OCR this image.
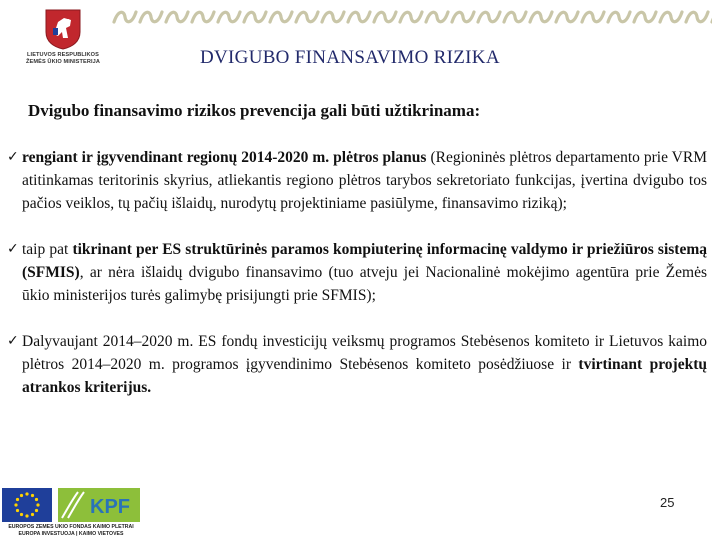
LIETUVOS RESPUBLIKOS
ŽEMĖS ŪKIO MINISTERIJA	DVIGUBO FINANSAVIMO RIZIKA
Dvigubo finansavimo rizikos prevencija gali būti užtikrinama:

✓ rengiant ir įgyvendinant regionų 2014-2020 m. plėtros planus (Regioninės plėtros departamento prie VRM atitinkamas teritorinis skyrius, atliekantis regiono plėtros tarybos sekretoriato funkcijas, įvertina dvigubo tos pačios veiklos, tų pačių išlaidų, nurodytų projektiniame pasiūlyme, finansavimo riziką);

✓ taip pat tikrinant per ES struktūrinės paramos kompiuterinę informacinę valdymo ir priežiūros sistemą (SFMIS), ar nėra išlaidų dvigubo finansavimo (tuo atveju jei Nacionalinė mokėjimo agentūra prie Žemės ūkio ministerijos turės galimybę prisijungti prie SFMIS);

✓ Dalyvaujant 2014–2020 m. ES fondų investicijų veiksmų programos Stebėsenos komiteto ir Lietuvos kaimo plėtros 2014–2020 m. programos įgyvendinimo Stebėsenos komiteto posėdžiuose ir tvirtinant projektų atrankos kriterijus.

KPF
EUROPOS ŽEMĖS ŪKIO FONDAS KAIMO PLĖTRAI
EUROPA INVESTUOJA Į KAIMO VIETOVES
25
